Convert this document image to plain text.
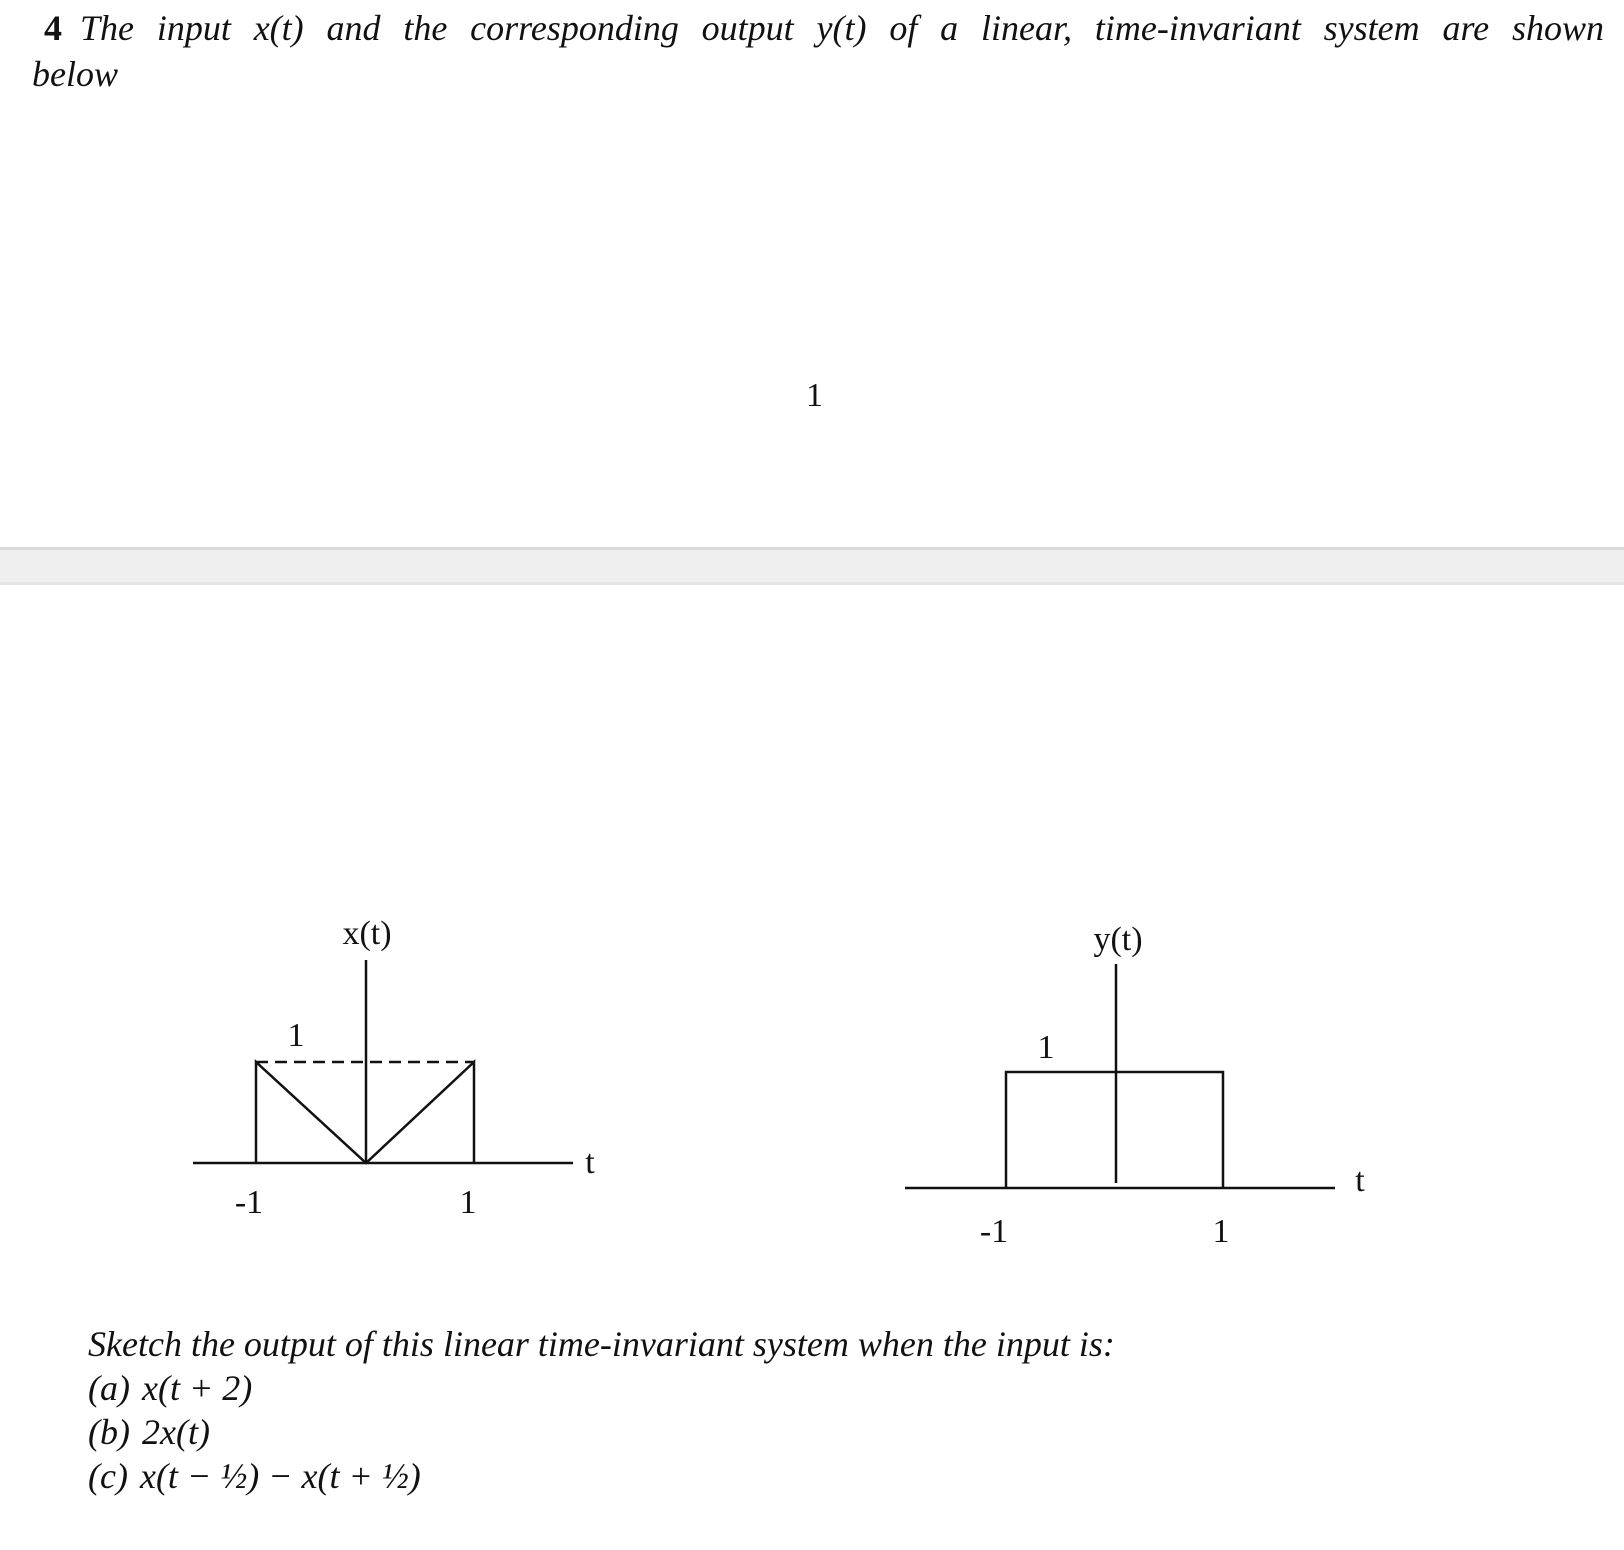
4 The input x(t) and the corresponding output y(t) of a linear, time-invariant system are shown
below
1
x(t)
1
t
-1	1
y(t)
1
t
-1	1
Sketch the output of this linear time-invariant system when the input is:
(a) x(t + 2)
(b) 2x(t)
(c) x(t − ½) − x(t + ½)
